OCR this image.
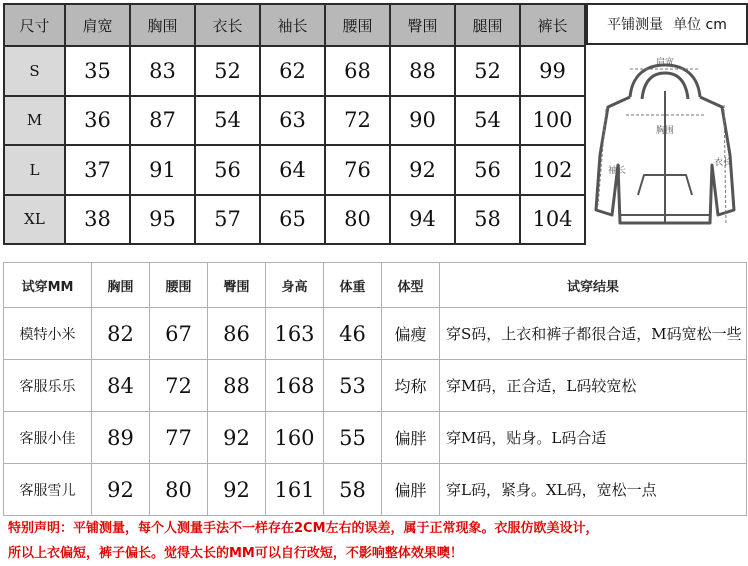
尺寸	肩宽	胸围	衣长	袖长	腰围	臀围	腿围	裤长
S	35	83	52	62	68	88	52	99
M	36	87	54	63	72	90	54	100
L	37	91	56	64	76	92	56	102
XL	38	95	57	65	80	94	58	104
平铺测量 单位 cm
肩宽
胸围
衣长
袖长
试穿MM	胸围	腰围	臀围	身高	体重	体型	试穿结果
模特小米	82	67	86	163	46	偏瘦	穿S码，上衣和裤子都很合适，M码宽松一些
客服乐乐	84	72	88	168	53	均称	穿M码，正合适，L码较宽松
客服小佳	89	77	92	160	55	偏胖	穿M码，贴身。L码合适
客服雪儿	92	80	92	161	58	偏胖	穿L码，紧身。XL码，宽松一点
特别声明：平铺测量，每个人测量手法不一样存在2CM左右的误差，属于正常现象。衣服仿欧美设计，
所以上衣偏短，裤子偏长。觉得太长的MM可以自行改短，不影响整体效果噢！
